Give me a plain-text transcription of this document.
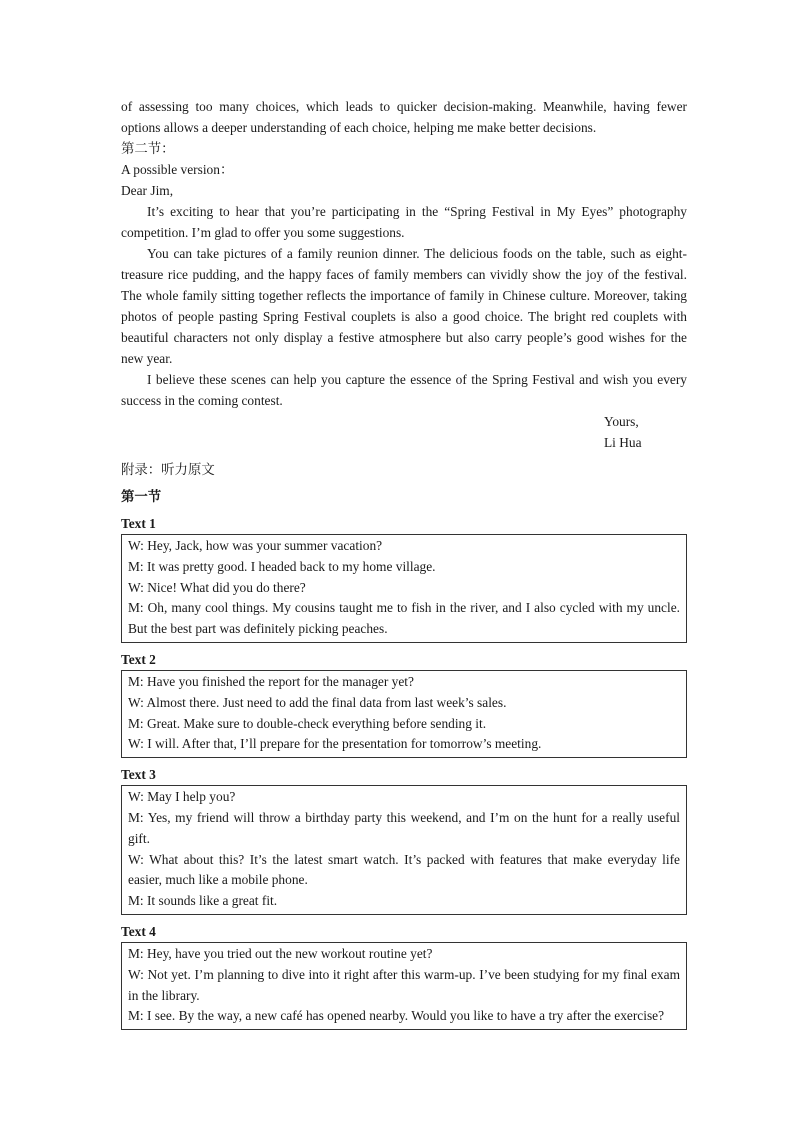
of assessing too many choices, which leads to quicker decision-making. Meanwhile, having fewer options allows a deeper understanding of each choice, helping me make better decisions.

第二节：

A possible version：

Dear Jim,

It’s exciting to hear that you’re participating in the “Spring Festival in My Eyes” photography competition. I’m glad to offer you some suggestions.

You can take pictures of a family reunion dinner. The delicious foods on the table, such as eight-treasure rice pudding, and the happy faces of family members can vividly show the joy of the festival. The whole family sitting together reflects the importance of family in Chinese culture. Moreover, taking photos of people pasting Spring Festival couplets is also a good choice. The bright red couplets with beautiful characters not only display a festive atmosphere but also carry people’s good wishes for the new year.

I believe these scenes can help you capture the essence of the Spring Festival and wish you every success in the coming contest.

Yours,

Li Hua

附录：听力原文

第一节

Text 1

W: Hey, Jack, how was your summer vacation?

M: It was pretty good. I headed back to my home village.

W: Nice! What did you do there?

M: Oh, many cool things. My cousins taught me to fish in the river, and I also cycled with my uncle. But the best part was definitely picking peaches.

Text 2

M: Have you finished the report for the manager yet?

W: Almost there. Just need to add the final data from last week’s sales.

M: Great. Make sure to double-check everything before sending it.

W: I will. After that, I’ll prepare for the presentation for tomorrow’s meeting.

Text 3

W: May I help you?

M: Yes, my friend will throw a birthday party this weekend, and I’m on the hunt for a really useful gift.

W: What about this? It’s the latest smart watch. It’s packed with features that make everyday life easier, much like a mobile phone.

M: It sounds like a great fit.

Text 4

M: Hey, have you tried out the new workout routine yet?

W: Not yet. I’m planning to dive into it right after this warm-up. I’ve been studying for my final exam in the library.

M: I see. By the way, a new café has opened nearby. Would you like to have a try after the exercise?
